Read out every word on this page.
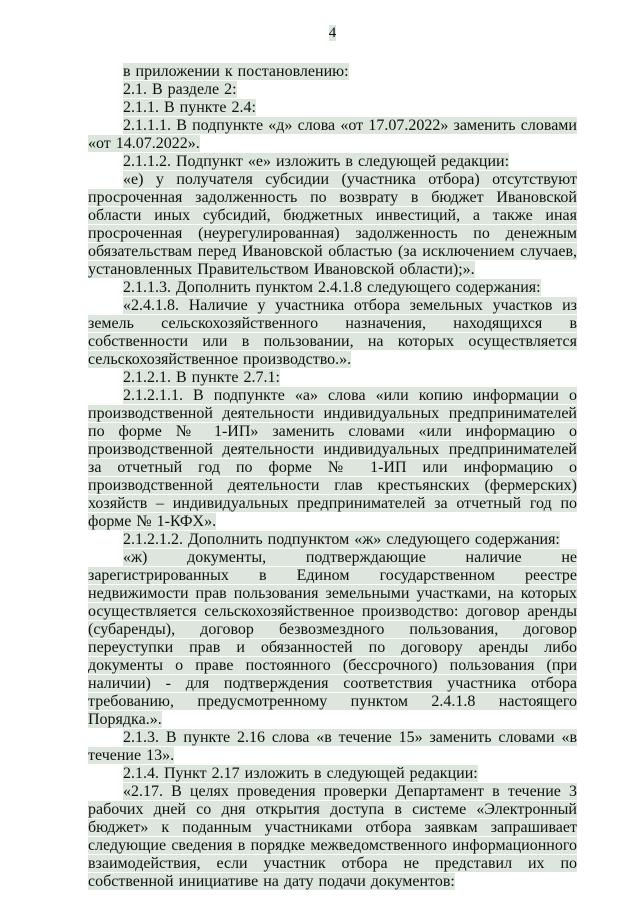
4

в приложении к постановлению:

2.1. В разделе 2:

2.1.1. В пункте 2.4:

2.1.1.1. В подпункте «д» слова «от 17.07.2022» заменить словами «от 14.07.2022».

2.1.1.2. Подпункт «е» изложить в следующей редакции:

«е) у получателя субсидии (участника отбора) отсутствуют просроченная задолженность по возврату в бюджет Ивановской области иных субсидий, бюджетных инвестиций, а также иная просроченная (неурегулированная) задолженность по денежным обязательствам перед Ивановской областью (за исключением случаев, установленных Правительством Ивановской области);».

2.1.1.3. Дополнить пунктом 2.4.1.8 следующего содержания:

«2.4.1.8. Наличие у участника отбора земельных участков из земель сельскохозяйственного назначения, находящихся в собственности или в пользовании, на которых осуществляется сельскохозяйственное производство.».

2.1.2.1. В пункте 2.7.1:

2.1.2.1.1. В подпункте «а» слова «или копию информации о производственной деятельности индивидуальных предпринимателей по форме № 1-ИП» заменить словами «или информацию о производственной деятельности индивидуальных предпринимателей за отчетный год по форме № 1-ИП или информацию о производственной деятельности глав крестьянских (фермерских) хозяйств – индивидуальных предпринимателей за отчетный год по форме № 1-КФХ».

2.1.2.1.2. Дополнить подпунктом «ж» следующего содержания:

«ж) документы, подтверждающие наличие не зарегистрированных в Едином государственном реестре недвижимости прав пользования земельными участками, на которых осуществляется сельскохозяйственное производство: договор аренды (субаренды), договор безвозмездного пользования, договор переуступки прав и обязанностей по договору аренды либо документы о праве постоянного (бессрочного) пользования (при наличии) - для подтверждения соответствия участника отбора требованию, предусмотренному пунктом 2.4.1.8 настоящего Порядка.».

2.1.3. В пункте 2.16 слова «в течение 15» заменить словами «в течение 13».

2.1.4. Пункт 2.17 изложить в следующей редакции:

«2.17. В целях проведения проверки Департамент в течение 3 рабочих дней со дня открытия доступа в системе «Электронный бюджет» к поданным участниками отбора заявкам запрашивает следующие сведения в порядке межведомственного информационного взаимодействия, если участник отбора не представил их по собственной инициативе на дату подачи документов:
